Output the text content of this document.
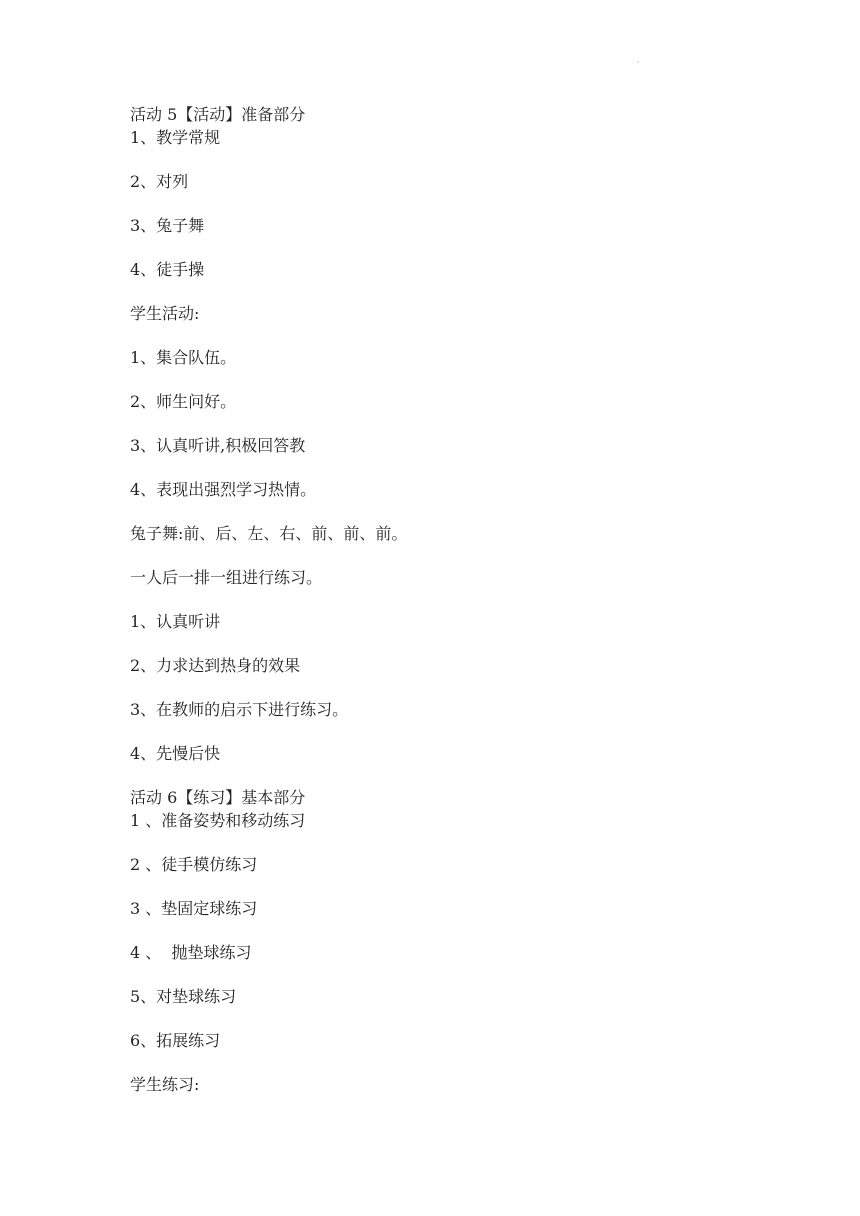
·
活动 5【活动】准备部分
1、教学常规
2、对列
3、兔子舞
4、徒手操
学生活动:
1、集合队伍。
2、师生问好。
3、认真听讲,积极回答教
4、表现出强烈学习热情。
兔子舞:前、后、左、右、前、前、前。
一人后一排一组进行练习。
1、认真听讲
2、力求达到热身的效果
3、在教师的启示下进行练习。
4、先慢后快
活动 6【练习】基本部分
1 、准备姿势和移动练习
2 、徒手模仿练习
3 、垫固定球练习
4 、  抛垫球练习
5、对垫球练习
6、拓展练习
学生练习:
